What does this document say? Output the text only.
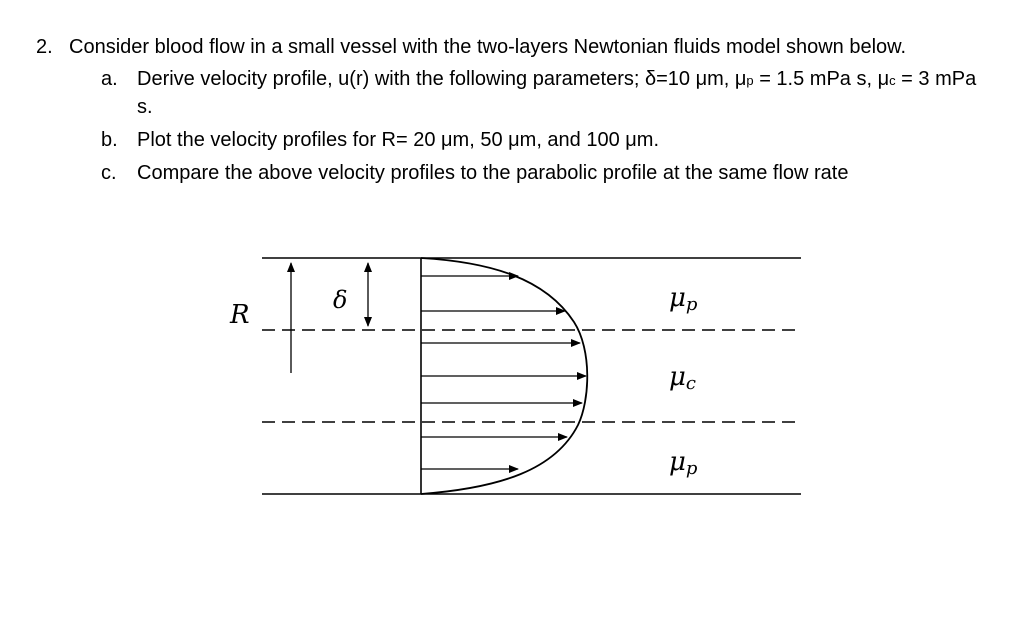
2. Consider blood flow in a small vessel with the two-layers Newtonian fluids model shown below.
a. Derive velocity profile, u(r) with the following parameters; δ=10 μm, μp = 1.5 mPa s, μc = 3 mPa s.
b. Plot the velocity profiles for R= 20 μm, 50 μm, and 100 μm.
c. Compare the above velocity profiles to the parabolic profile at the same flow rate
R	δ	μp
μc
μp
